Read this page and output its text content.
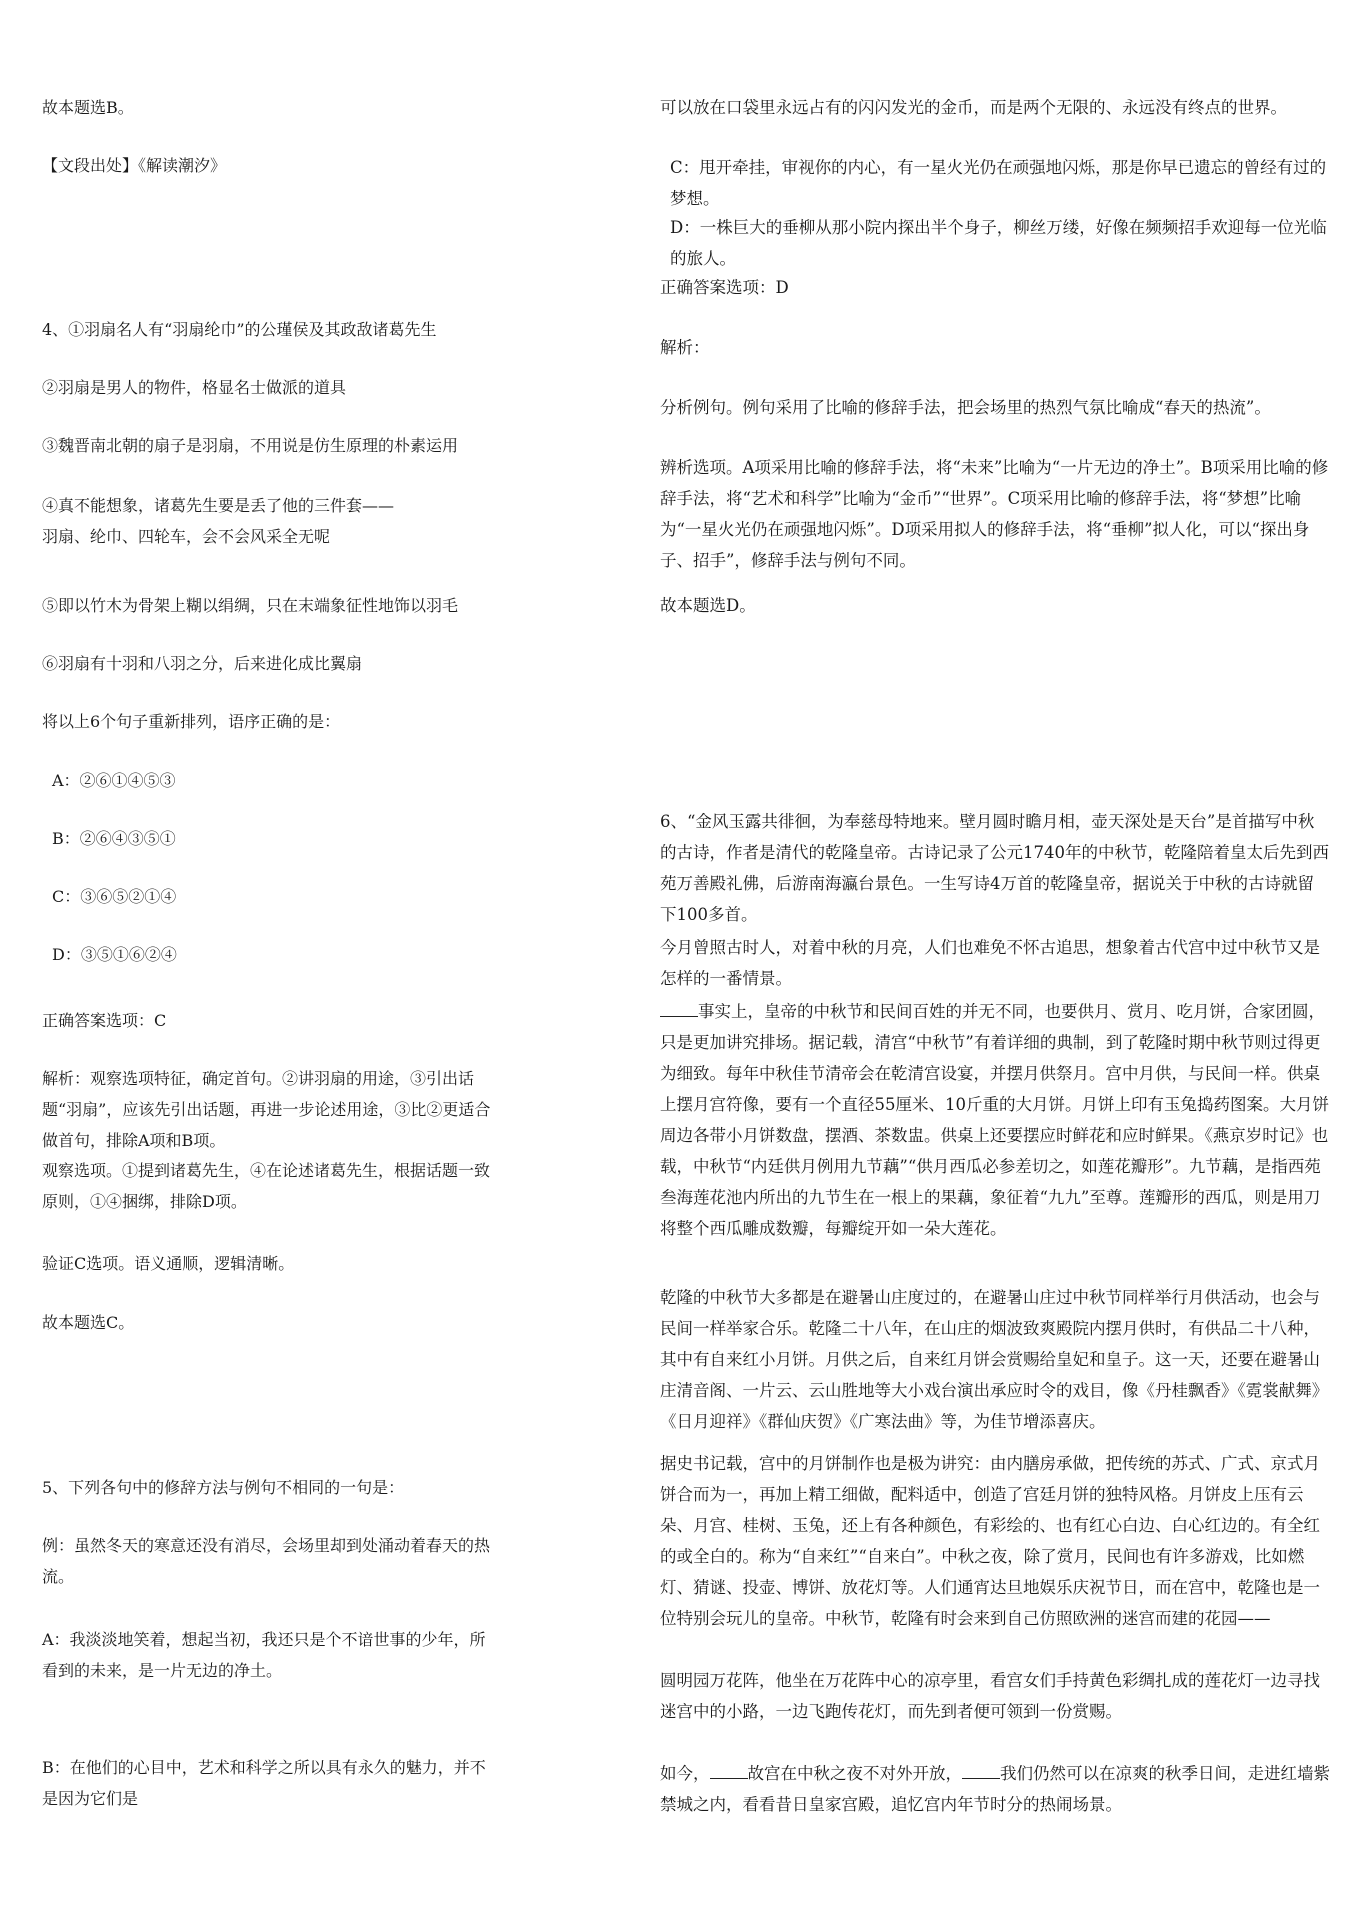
故本题选B。

【文段出处】《解读潮汐》

4、①羽扇名人有“羽扇纶巾”的公瑾侯及其政敌诸葛先生

②羽扇是男人的物件，格显名士做派的道具

③魏晋南北朝的扇子是羽扇，不用说是仿生原理的朴素运用

④真不能想象，诸葛先生要是丢了他的三件套——

羽扇、纶巾、四轮车，会不会风采全无呢

⑤即以竹木为骨架上糊以绢绸，只在末端象征性地饰以羽毛

⑥羽扇有十羽和八羽之分，后来进化成比翼扇

将以上6个句子重新排列，语序正确的是：

A：②⑥①④⑤③

B：②⑥④③⑤①

C：③⑥⑤②①④

D：③⑤①⑥②④

正确答案选项：C

解析：观察选项特征，确定首句。②讲羽扇的用途，③引出话题“羽扇”，应该先引出话题，再进一步论述用途，③比②更适合做首句，排除A项和B项。

观察选项。①提到诸葛先生，④在论述诸葛先生，根据话题一致原则，①④捆绑，排除D项。

验证C选项。语义通顺，逻辑清晰。

故本题选C。

5、下列各句中的修辞方法与例句不相同的一句是：

例：虽然冬天的寒意还没有消尽，会场里却到处涌动着春天的热流。

A：我淡淡地笑着，想起当初，我还只是个不谙世事的少年，所看到的未来，是一片无边的净土。

B：在他们的心目中，艺术和科学之所以具有永久的魅力，并不是因为它们是

可以放在口袋里永远占有的闪闪发光的金币，而是两个无限的、永远没有终点的世界。

C：甩开牵挂，审视你的内心，有一星火光仍在顽强地闪烁，那是你早已遗忘的曾经有过的梦想。

D：一株巨大的垂柳从那小院内探出半个身子，柳丝万缕，好像在频频招手欢迎每一位光临的旅人。

正确答案选项：D

解析：

分析例句。例句采用了比喻的修辞手法，把会场里的热烈气氛比喻成“春天的热流”。

辨析选项。A项采用比喻的修辞手法，将“未来”比喻为“一片无边的净土”。B项采用比喻的修辞手法，将“艺术和科学”比喻为“金币”“世界”。C项采用比喻的修辞手法，将“梦想”比喻为“一星火光仍在顽强地闪烁”。D项采用拟人的修辞手法，将“垂柳”拟人化，可以“探出身子、招手”，修辞手法与例句不同。

故本题选D。

6、“金风玉露共徘徊，为奉慈母特地来。壁月圆时瞻月相，壶天深处是天台”是首描写中秋的古诗，作者是清代的乾隆皇帝。古诗记录了公元1740年的中秋节，乾隆陪着皇太后先到西苑万善殿礼佛，后游南海瀛台景色。一生写诗4万首的乾隆皇帝，据说关于中秋的古诗就留下100多首。

今月曾照古时人，对着中秋的月亮，人们也难免不怀古追思，想象着古代宫中过中秋节又是怎样的一番情景。

事实上，皇帝的中秋节和民间百姓的并无不同，也要供月、赏月、吃月饼，合家团圆，只是更加讲究排场。据记载，清宫“中秋节”有着详细的典制，到了乾隆时期中秋节则过得更为细致。每年中秋佳节清帝会在乾清宫设宴，并摆月供祭月。宫中月供，与民间一样。供桌上摆月宫符像，要有一个直径55厘米、10斤重的大月饼。月饼上印有玉兔捣药图案。大月饼周边各带小月饼数盘，摆酒、茶数盅。供桌上还要摆应时鲜花和应时鲜果。《燕京岁时记》也载，中秋节“内廷供月例用九节藕”“供月西瓜必参差切之，如莲花瓣形”。九节藕，是指西苑叁海莲花池内所出的九节生在一根上的果藕，象征着“九九”至尊。莲瓣形的西瓜，则是用刀将整个西瓜雕成数瓣，每瓣绽开如一朵大莲花。

乾隆的中秋节大多都是在避暑山庄度过的，在避暑山庄过中秋节同样举行月供活动，也会与民间一样举家合乐。乾隆二十八年，在山庄的烟波致爽殿院内摆月供时，有供品二十八种，其中有自来红小月饼。月供之后，自来红月饼会赏赐给皇妃和皇子。这一天，还要在避暑山庄清音阁、一片云、云山胜地等大小戏台演出承应时令的戏目，像《丹桂飘香》《霓裳献舞》《日月迎祥》《群仙庆贺》《广寒法曲》等，为佳节增添喜庆。

据史书记载，宫中的月饼制作也是极为讲究：由内膳房承做，把传统的苏式、广式、京式月饼合而为一，再加上精工细做，配料适中，创造了宫廷月饼的独特风格。月饼皮上压有云朵、月宫、桂树、玉兔，还上有各种颜色，有彩绘的、也有红心白边、白心红边的。有全红的或全白的。称为“自来红”“自来白”。中秋之夜，除了赏月，民间也有许多游戏，比如燃灯、猜谜、投壶、博饼、放花灯等。人们通宵达旦地娱乐庆祝节日，而在宫中，乾隆也是一位特别会玩儿的皇帝。中秋节，乾隆有时会来到自己仿照欧洲的迷宫而建的花园——

圆明园万花阵，他坐在万花阵中心的凉亭里，看宫女们手持黄色彩绸扎成的莲花灯一边寻找迷宫中的小路，一边飞跑传花灯，而先到者便可领到一份赏赐。

如今， 故宫在中秋之夜不对外开放， 我们仍然可以在凉爽的秋季日间，走进红墙紫禁城之内，看看昔日皇家宫殿，追忆宫内年节时分的热闹场景。
